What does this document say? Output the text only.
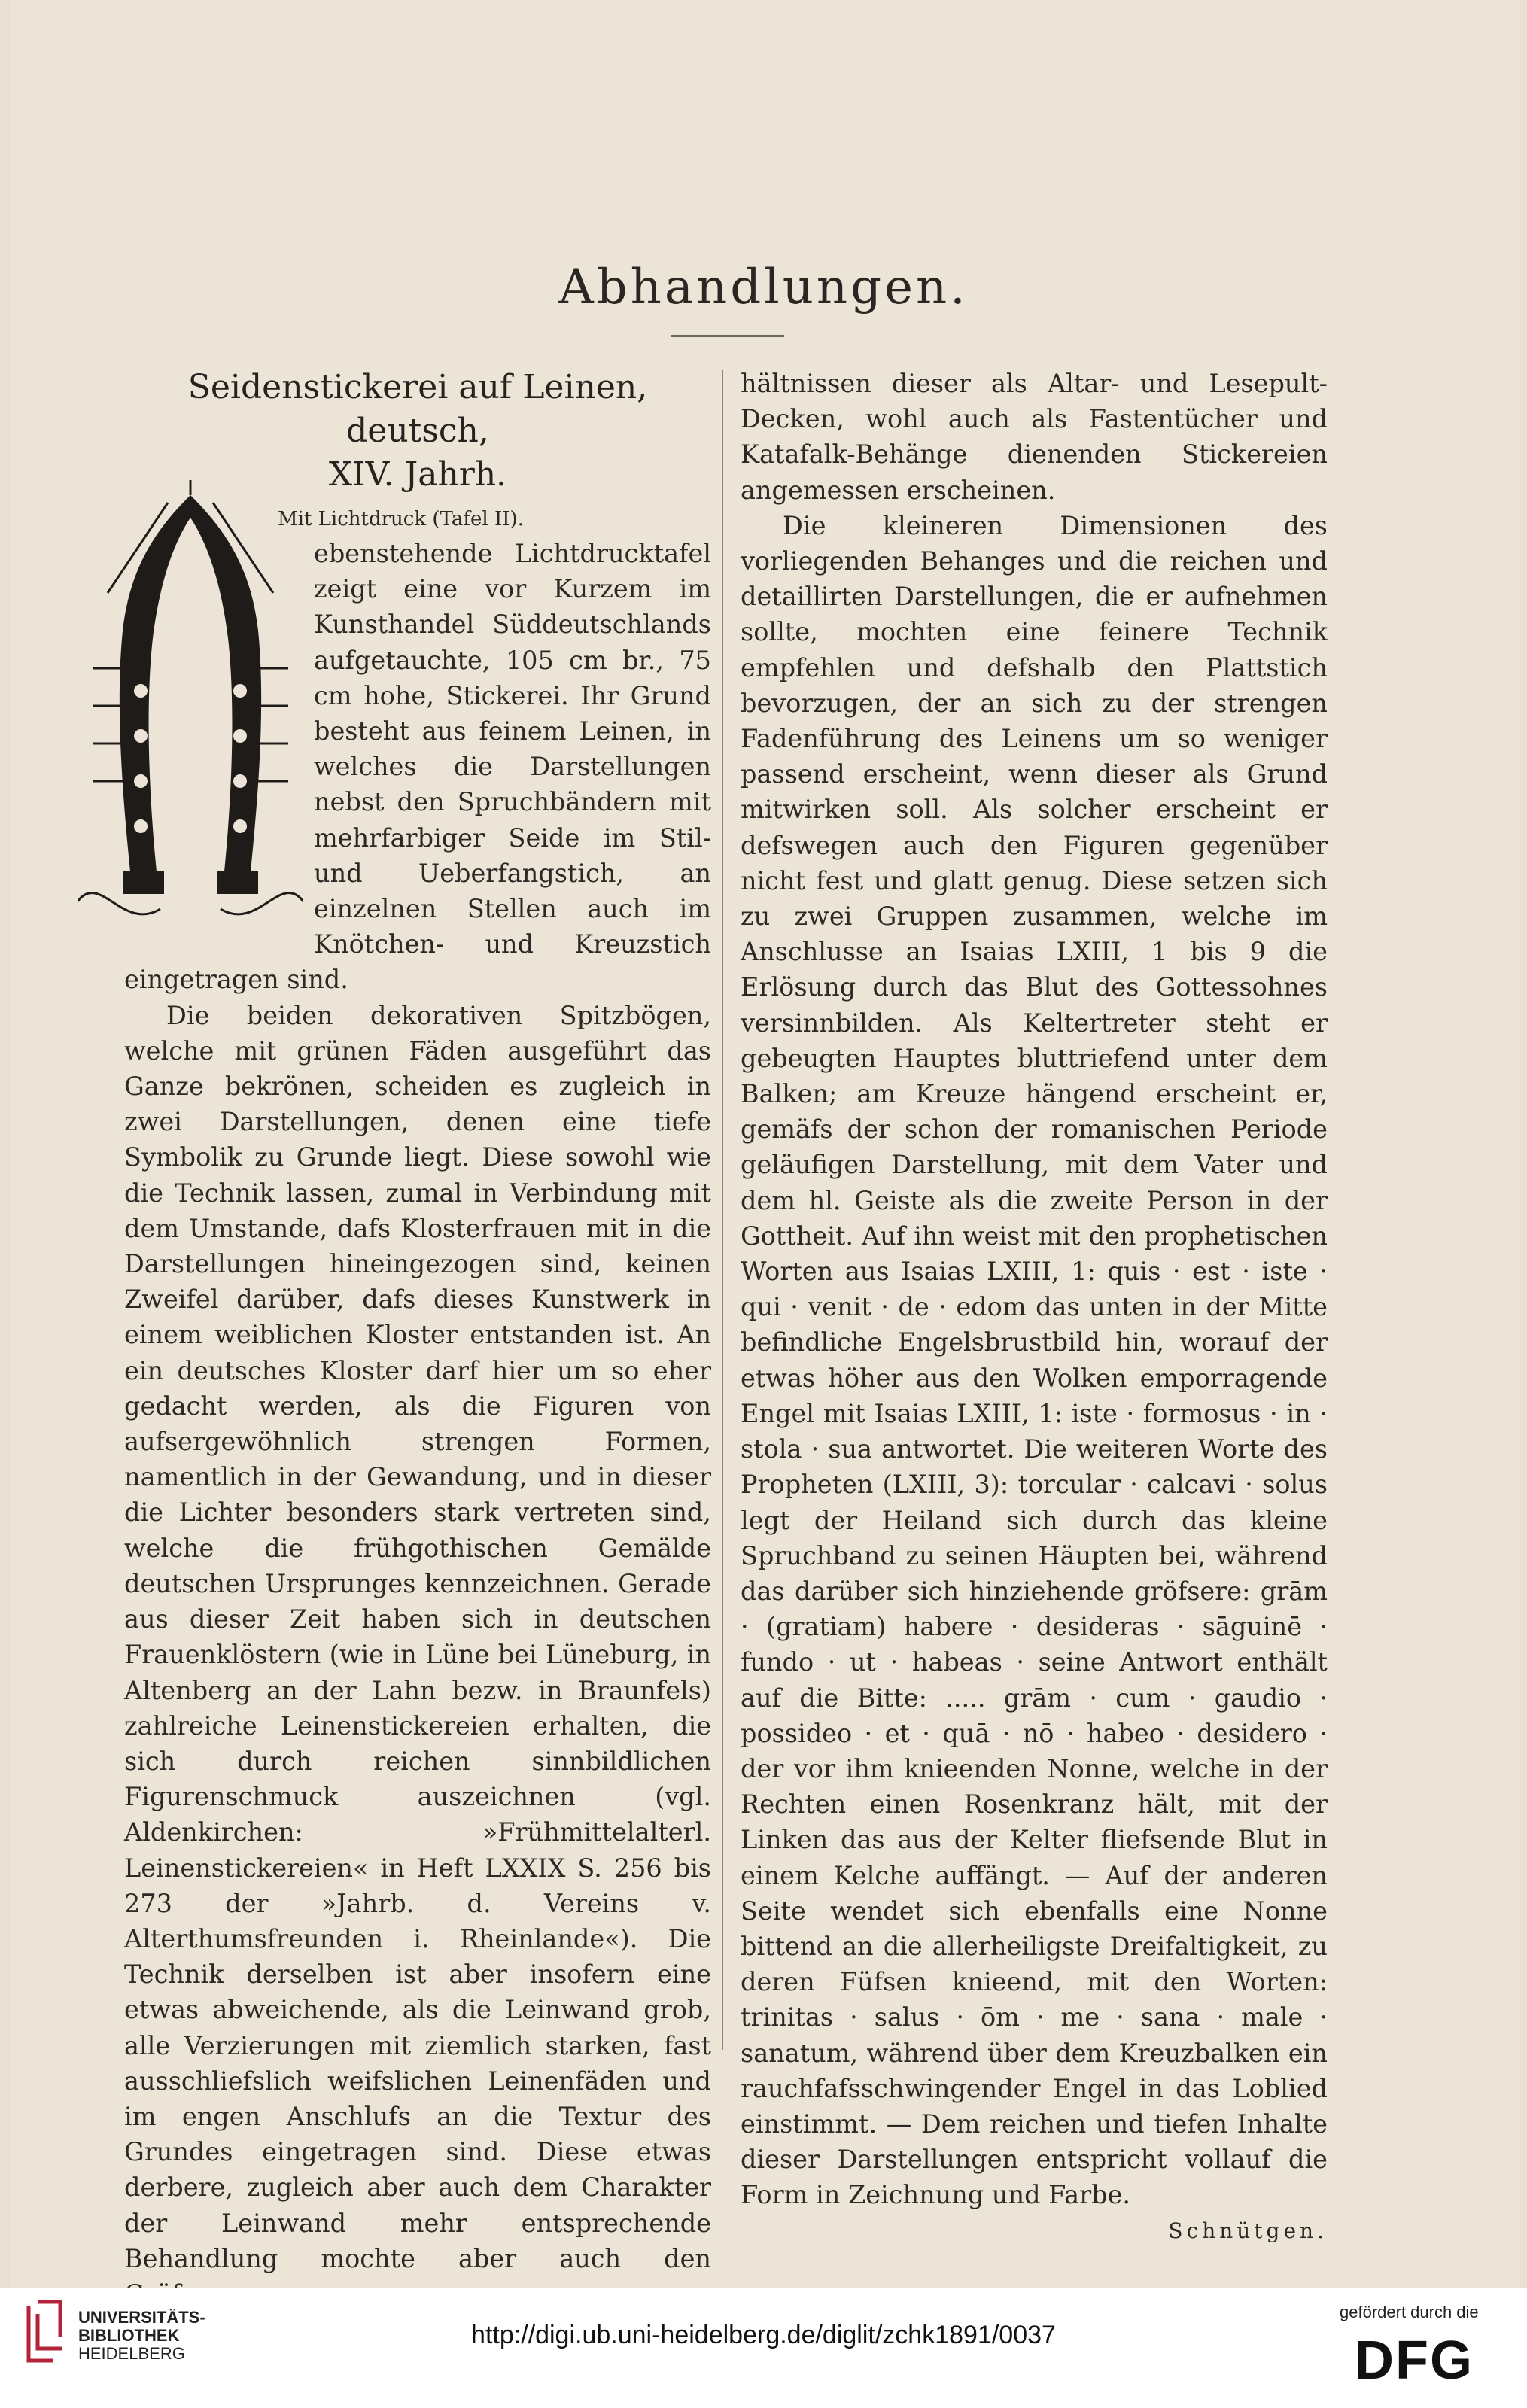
Abhandlungen.
Seidenstickerei auf Leinen, deutsch,
XIV. Jahrh.
Mit Lichtdruck (Tafel II).

ebenstehende Lichtdrucktafel zeigt eine vor Kurzem im Kunsthandel Süddeutschlands aufgetauchte, 105 cm br., 75 cm hohe, Stickerei. Ihr Grund besteht aus feinem Leinen, in welches die Darstellungen nebst den Spruchbändern mit mehrfarbiger Seide im Stil- und Ueberfangstich, an einzelnen Stellen auch im Knötchen- und Kreuzstich eingetragen sind.

Die beiden dekorativen Spitzbögen, welche mit grünen Fäden ausgeführt das Ganze bekrönen, scheiden es zugleich in zwei Darstellungen, denen eine tiefe Symbolik zu Grunde liegt. Diese sowohl wie die Technik lassen, zumal in Verbindung mit dem Umstande, dafs Klosterfrauen mit in die Darstellungen hineingezogen sind, keinen Zweifel darüber, dafs dieses Kunstwerk in einem weiblichen Kloster entstanden ist. An ein deutsches Kloster darf hier um so eher gedacht werden, als die Figuren von aufsergewöhnlich strengen Formen, namentlich in der Gewandung, und in dieser die Lichter besonders stark vertreten sind, welche die frühgothischen Gemälde deutschen Ursprunges kennzeichnen. Gerade aus dieser Zeit haben sich in deutschen Frauenklöstern (wie in Lüne bei Lüneburg, in Altenberg an der Lahn bezw. in Braunfels) zahlreiche Leinenstickereien erhalten, die sich durch reichen sinnbildlichen Figurenschmuck auszeichnen (vgl. Aldenkirchen: »Frühmittelalterl. Leinenstickereien« in Heft LXXIX S. 256 bis 273 der »Jahrb. d. Vereins v. Alterthumsfreunden i. Rheinlande«). Die Technik derselben ist aber insofern eine etwas abweichende, als die Leinwand grob, alle Verzierungen mit ziemlich starken, fast ausschliefslich weifslichen Leinenfäden und im engen Anschlufs an die Textur des Grundes eingetragen sind. Diese etwas derbere, zugleich aber auch dem Charakter der Leinwand mehr entsprechende Behandlung mochte aber auch den

hältnissen dieser als Altar- und Lesepult-Decken, wohl auch als Fastentücher und Katafalk-Behänge dienenden Stickereien angemessen erscheinen.

Die kleineren Dimensionen des vorliegenden Behanges und die reichen und detaillirten Darstellungen, die er aufnehmen sollte, mochten eine feinere Technik empfehlen und defshalb den Plattstich bevorzugen, der an sich zu der strengen Fadenführung des Leinens um so weniger passend erscheint, wenn dieser als Grund mitwirken soll. Als solcher erscheint er defswegen auch den Figuren gegenüber nicht fest und glatt genug. Diese setzen sich zu zwei Gruppen zusammen, welche im Anschlusse an Isaias LXIII, 1 bis 9 die Erlösung durch das Blut des Gottessohnes versinnbilden. Als Keltertreter steht er gebeugten Hauptes bluttriefend unter dem Balken; am Kreuze hängend erscheint er, gemäfs der schon der romanischen Periode geläufigen Darstellung, mit dem Vater und dem hl. Geiste als die zweite Person in der Gottheit. Auf ihn weist mit den prophetischen Worten aus Isaias LXIII, 1: quis · est · iste · qui · venit · de · edom das unten in der Mitte befindliche Engelsbrustbild hin, worauf der etwas höher aus den Wolken emporragende Engel mit Isaias LXIII, 1: iste · formosus · in · stola · sua antwortet. Die weiteren Worte des Propheten (LXIII, 3): torcular · calcavi · solus legt der Heiland sich durch das kleine Spruchband zu seinen Häupten bei, während das darüber sich hinziehende gröfsere: grām · (gratiam) habere · desideras · sāguinē · fundo · ut · habeas · seine Antwort enthält auf die Bitte: ..... grām · cum · gaudio · possideo · et · quā · nō · habeo · desidero · der vor ihm knieenden Nonne, welche in der Rechten einen Rosenkranz hält, mit der Linken das aus der Kelter fliefsende Blut in einem Kelche auffängt. — Auf der anderen Seite wendet sich ebenfalls eine Nonne bittend an die allerheiligste Dreifaltigkeit, zu deren Füfsen knieend, mit den Worten: trinitas · salus · ōm · me · sana · male · sanatum, während über dem Kreuzbalken ein rauchfafsschwingender Engel in das Loblied einstimmt. — Dem reichen und tiefen Inhalte dieser Darstellungen entspricht vollauf die Form in Zeichnung und Farbe.
Schnütgen.

UNIVERSITÄTS-
BIBLIOTHEK
HEIDELBERG
http://digi.ub.uni-heidelberg.de/diglit/zchk1891/0037
gefördert durch die
DFG
